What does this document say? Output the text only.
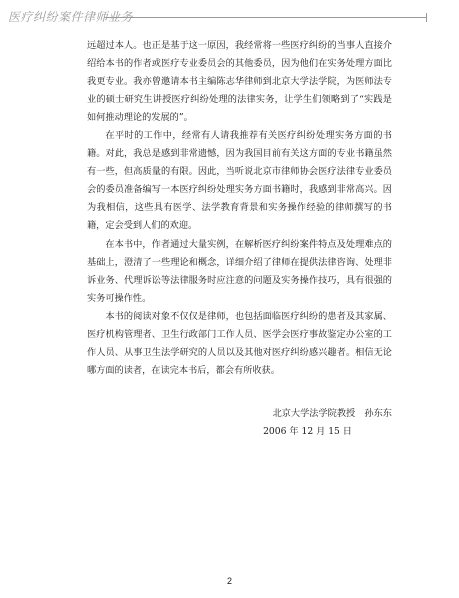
医疗纠纷案件律师业务

远超过本人。也正是基于这一原因，我经常将一些医疗纠纷的当事人直接介绍给本书的作者或医疗专业委员会的其他委员，因为他们在实务处理方面比我更专业。我亦曾邀请本书主编陈志华律师到北京大学法学院，为医师法专业的硕士研究生讲授医疗纠纷处理的法律实务，让学生们领略到了“实践是如何推动理论的发展的”。

在平时的工作中，经常有人请我推荐有关医疗纠纷处理实务方面的书籍。对此，我总是感到非常遗憾，因为我国目前有关这方面的专业书籍虽然有一些，但高质量的有限。因此，当听说北京市律师协会医疗法律专业委员会的委员准备编写一本医疗纠纷处理实务方面书籍时，我感到非常高兴。因为我相信，这些具有医学、法学教育背景和实务操作经验的律师撰写的书籍，定会受到人们的欢迎。

在本书中，作者通过大量实例，在解析医疗纠纷案件特点及处理难点的基础上，澄清了一些理论和概念，详细介绍了律师在提供法律咨询、处理非诉业务、代理诉讼等法律服务时应注意的问题及实务操作技巧，具有很强的实务可操作性。

本书的阅读对象不仅仅是律师，也包括面临医疗纠纷的患者及其家属、医疗机构管理者、卫生行政部门工作人员、医学会医疗事故鉴定办公室的工作人员、从事卫生法学研究的人员以及其他对医疗纠纷感兴趣者。相信无论哪方面的读者，在读完本书后，都会有所收获。

北京大学法学院教授　孙东东
2006 年 12 月 15 日
2
